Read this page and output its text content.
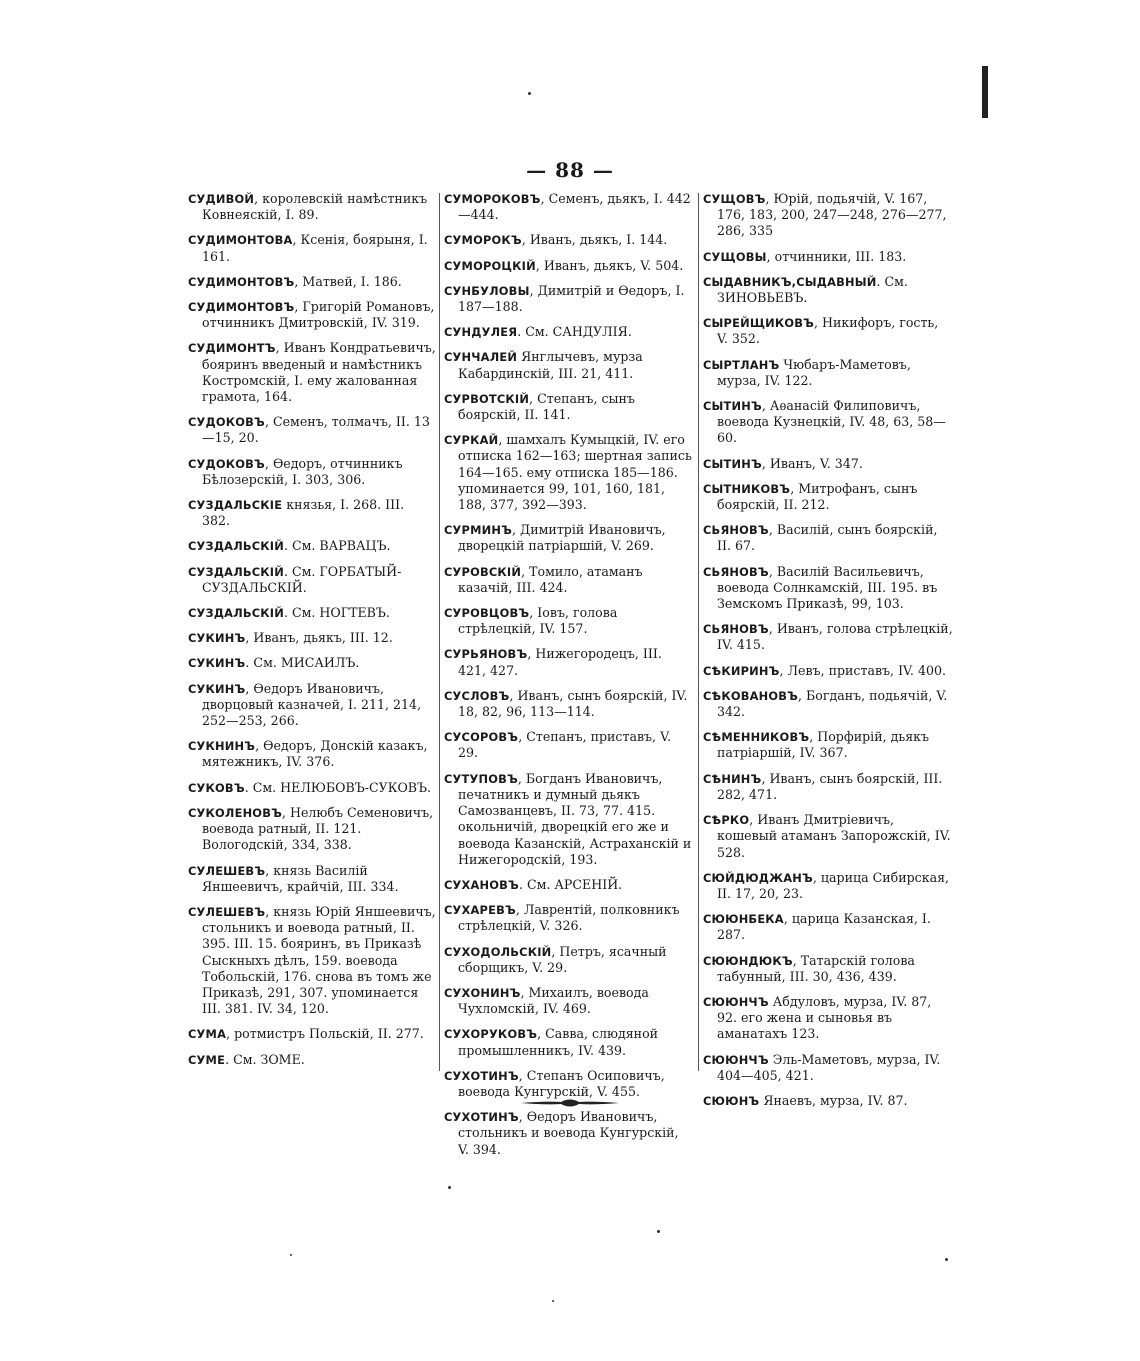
— 88 —
СУДИВОЙ, королевскій намѣстникъ Ковнеяскій, I. 89.
СУДИМОНТОВА, Ксенія, боярыня, I. 161.
СУДИМОНТОВЪ, Матвей, I. 186.
СУДИМОНТОВЪ, Григорій Романовъ, отчинникъ Дмитровскій, IV. 319.
СУДИМОНТЪ, Иванъ Кондратьевичъ, бояринъ введеный и намѣстникъ Костромскій, I. ему жалованная грамота, 164.
СУДОКОВЪ, Семенъ, толмачъ, II. 13—15, 20.
СУДОКОВЪ, Ѳедоръ, отчинникъ Бѣлозерскій, I. 303, 306.
СУЗДАЛЬСКІЕ князья, I. 268. III. 382.
СУЗДАЛЬСКІЙ. См. ВАРВАЦЪ.
СУЗДАЛЬСКІЙ. См. ГОРБАТЫЙ-СУЗДАЛЬСКІЙ.
СУЗДАЛЬСКІЙ. См. НОГТЕВЪ.
СУКИНЪ, Иванъ, дьякъ, III. 12.
СУКИНЪ. См. МИСАИЛЪ.
СУКИНЪ, Ѳедоръ Ивановичъ, дворцовый казначей, I. 211, 214, 252—253, 266.
СУКНИНЪ, Ѳедоръ, Донскій казакъ, мятежникъ, IV. 376.
СУКОВЪ. См. НЕЛЮБОВЪ-СУКОВЪ.
СУКОЛЕНОВЪ, Нелюбъ Семеновичъ, воевода ратный, II. 121. Вологодскій, 334, 338.
СУЛЕШЕВЪ, князь Василій Яншеевичъ, крайчій, III. 334.
СУЛЕШЕВЪ, князь Юрій Яншеевичъ, стольникъ и воевода ратный, II. 395. III. 15. бояринъ, въ Приказѣ Сыскныхъ дѣлъ, 159. воевода Тобольскій, 176. снова въ томъ же Приказѣ, 291, 307. упоминается III. 381. IV. 34, 120.
СУМА, ротмистръ Польскій, II. 277.
СУМЕ. См. ЗОМЕ.
СУМОРОКОВЪ, Семенъ, дьякъ, I. 442—444.
СУМОРОКЪ, Иванъ, дьякъ, I. 144.
СУМОРОЦКІЙ, Иванъ, дьякъ, V. 504.
СУНБУЛОВЫ, Димитрій и Ѳедоръ, I. 187—188.
СУНДУЛЕЯ. См. САНДУЛІЯ.
СУНЧАЛЕЙ Янглычевъ, мурза Кабардинскій, III. 21, 411.
СУРВОТСКІЙ, Степанъ, сынъ боярскій, II. 141.
СУРКАЙ, шамхалъ Кумыцкій, IV. его отписка 162—163; шертная запись 164—165. ему отписка 185—186. упоминается 99, 101, 160, 181, 188, 377, 392—393.
СУРМИНЪ, Димитрій Ивановичъ, дворецкій патріаршій, V. 269.
СУРОВСКІЙ, Томило, атаманъ казачій, III. 424.
СУРОВЦОВЪ, Іовъ, голова стрѣлецкій, IV. 157.
СУРЬЯНОВЪ, Нижегородецъ, III. 421, 427.
СУСЛОВЪ, Иванъ, сынъ боярскій, IV. 18, 82, 96, 113—114.
СУСОРОВЪ, Степанъ, приставъ, V. 29.
СУТУПОВЪ, Богданъ Ивановичъ, печатникъ и думный дьякъ Самозванцевъ, II. 73, 77. 415. окольничій, дворецкій его же и воевода Казанскій, Астраханскій и Нижегородскій, 193.
СУХАНОВЪ. См. АРСЕНІЙ.
СУХАРЕВЪ, Лаврентій, полковникъ стрѣлецкій, V. 326.
СУХОДОЛЬСКІЙ, Петръ, ясачный сборщикъ, V. 29.
СУХОНИНЪ, Михаилъ, воевода Чухломскій, IV. 469.
СУХОРУКОВЪ, Савва, слюдяной промышленникъ, IV. 439.
СУХОТИНЪ, Степанъ Осиповичъ, воевода Кунгурскій, V. 455.
СУХОТИНЪ, Ѳедоръ Ивановичъ, стольникъ и воевода Кунгурскій, V. 394.
СУЩОВЪ, Юрій, подьячій, V. 167, 176, 183, 200, 247—248, 276—277, 286, 335
СУЩОВЫ, отчинники, III. 183.
СЫДАВНИКЪ,СЫДАВНЫЙ. См. ЗИНОВЬЕВЪ.
СЫРЕЙЩИКОВЪ, Никифоръ, гость, V. 352.
СЫРТЛАНЪ Чюбаръ-Маметовъ, мурза, IV. 122.
СЫТИНЪ, Аѳанасій Филиповичъ, воевода Кузнецкій, IV. 48, 63, 58—60.
СЫТИНЪ, Иванъ, V. 347.
СЫТНИКОВЪ, Митрофанъ, сынъ боярскій, II. 212.
СЬЯНОВЪ, Василій, сынъ боярскій, II. 67.
СЬЯНОВЪ, Василій Васильевичъ, воевода Солнкамскій, III. 195. въ Земскомъ Приказѣ, 99, 103.
СЬЯНОВЪ, Иванъ, голова стрѣлецкій, IV. 415.
СѢКИРИНЪ, Левъ, приставъ, IV. 400.
СѢКОВАНОВЪ, Богданъ, подьячій, V. 342.
СѢМЕННИКОВЪ, Порфирій, дьякъ патріаршій, IV. 367.
СѢНИНЪ, Иванъ, сынъ боярскій, III. 282, 471.
СѢРКО, Иванъ Дмитріевичъ, кошевый атаманъ Запорожскій, IV. 528.
СЮЙДЮДЖАНЪ, царица Сибирская, II. 17, 20, 23.
СЮЮНБЕКА, царица Казанская, I. 287.
СЮЮНДЮКЪ, Татарскій голова табунный, III. 30, 436, 439.
СЮЮНЧЪ Абдуловъ, мурза, IV. 87, 92. его жена и сыновья въ аманатахъ 123.
СЮЮНЧЪ Эль-Маметовъ, мурза, IV. 404—405, 421.
СЮЮНЪ Янаевъ, мурза, IV. 87.
